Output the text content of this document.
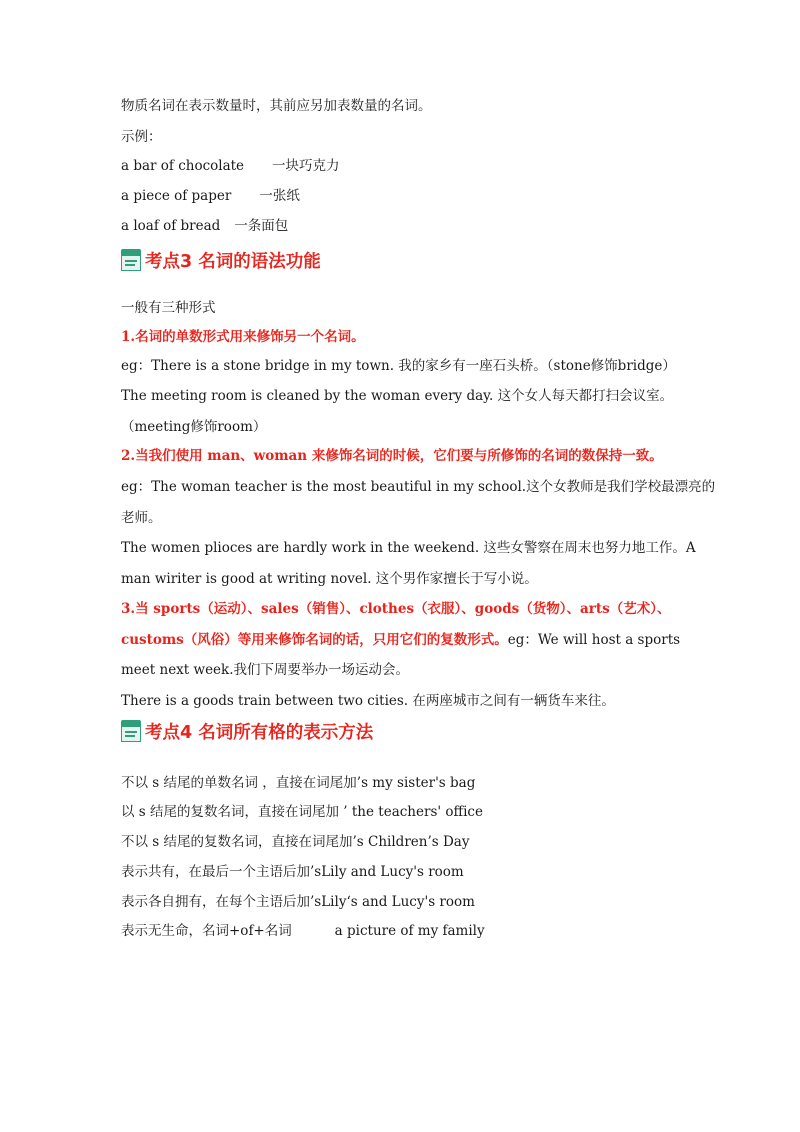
物质名词在表示数量时，其前应另加表数量的名词。
示例：
a bar of chocolate 一块巧克力
a piece of paper 一张纸
a loaf of bread 一条面包
考点3 名词的语法功能
一般有三种形式
1.名词的单数形式用来修饰另一个名词。
eg：There is a stone bridge in my town. 我的家乡有一座石头桥。（stone修饰bridge）
The meeting room is cleaned by the woman every day. 这个女人每天都打扫会议室。
（meeting修饰room）
2.当我们使用 man、woman 来修饰名词的时候，它们要与所修饰的名词的数保持一致。
eg：The woman teacher is the most beautiful in my school.这个女教师是我们学校最漂亮的
老师。
The women plioces are hardly work in the weekend. 这些女警察在周末也努力地工作。A
man wiriter is good at writing novel. 这个男作家擅长于写小说。
3.当 sports（运动）、sales（销售）、clothes（衣服）、goods（货物）、arts（艺术）、
customs（风俗）等用来修饰名词的话，只用它们的复数形式。eg：We will host a sports
meet next week.我们下周要举办一场运动会。
There is a goods train between two cities. 在两座城市之间有一辆货车来往。
考点4 名词所有格的表示方法
不以 s 结尾的单数名词 ，直接在词尾加’s my sister's bag
以 s 结尾的复数名词，直接在词尾加 ’ the teachers' office
不以 s 结尾的复数名词，直接在词尾加’s Children’s Day
表示共有，在最后一个主语后加’sLily and Lucy's room
表示各自拥有，在每个主语后加’sLily‘s and Lucy's room
表示无生命，名词+of+名词          a picture of my family
